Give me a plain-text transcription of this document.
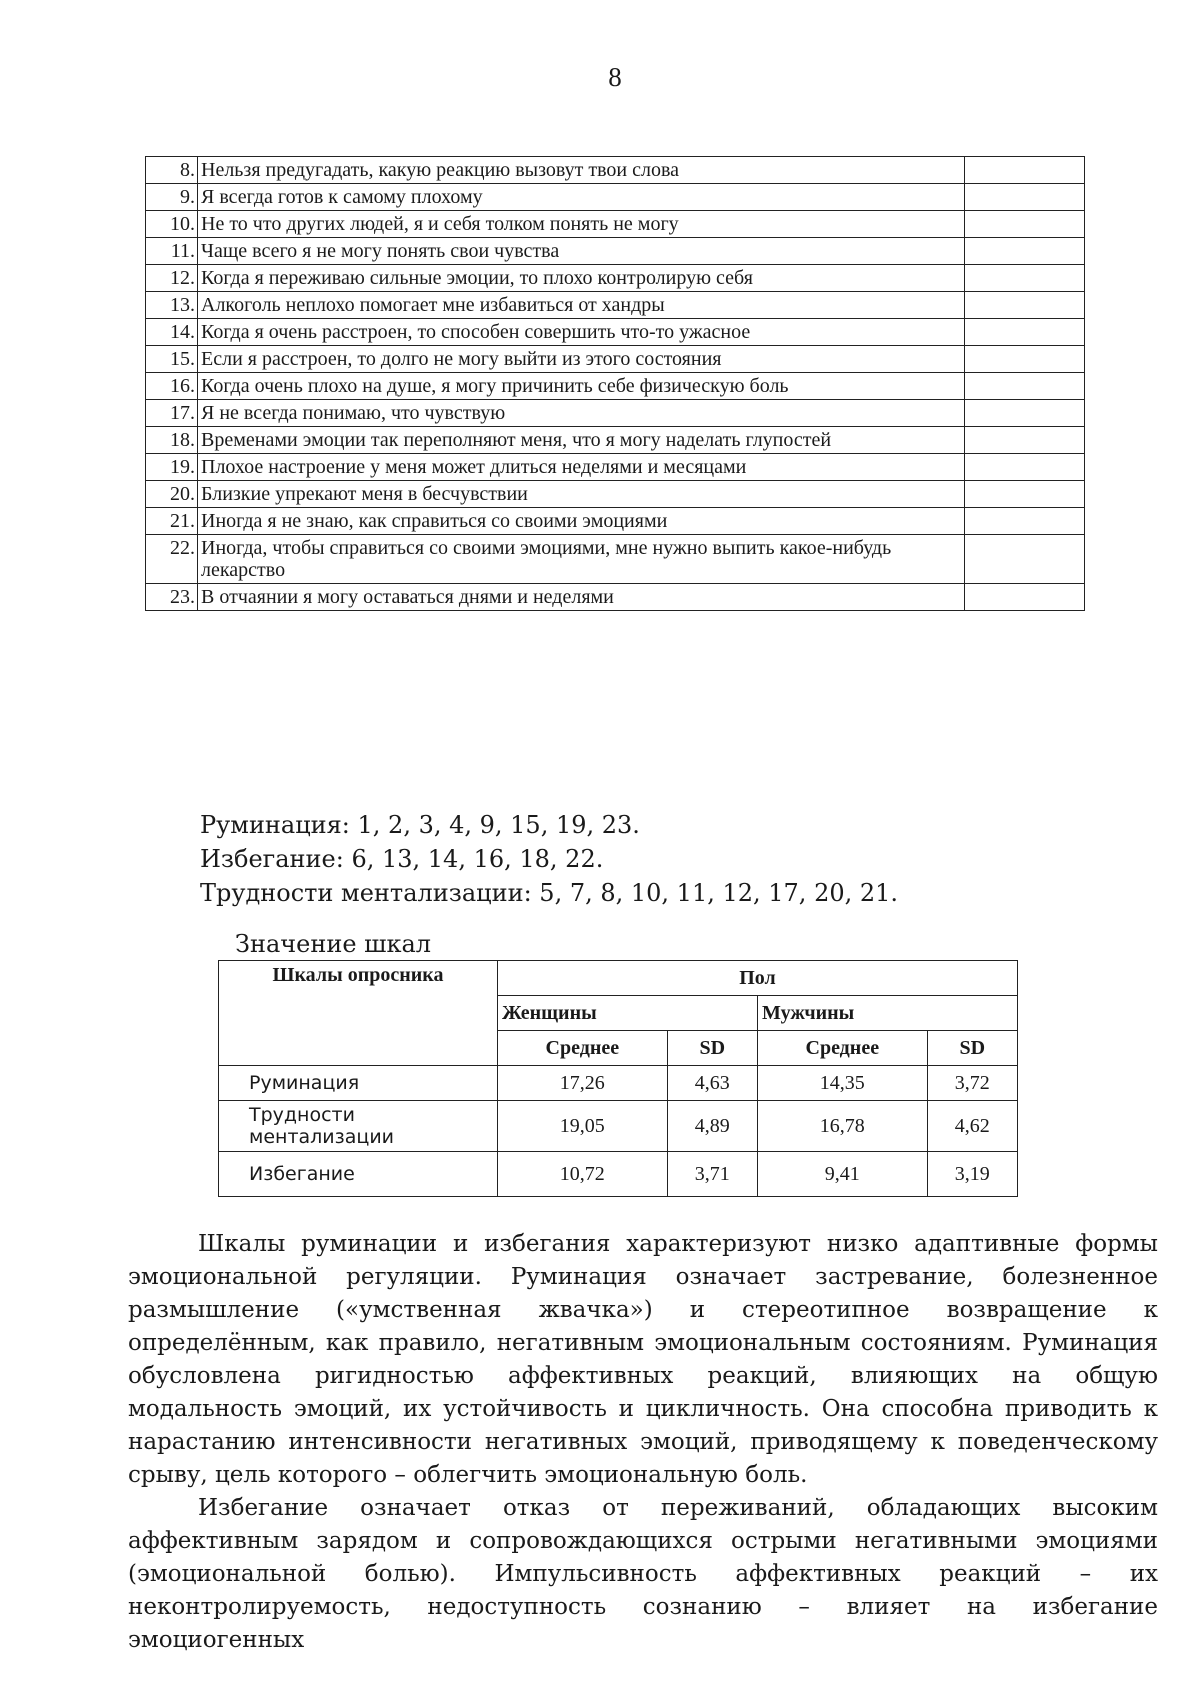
8
8.	Нельзя предугадать, какую реакцию вызовут твои слова	
9.	Я всегда готов к самому плохому	
10.	Не то что других людей, я и себя толком понять не могу	
11.	Чаще всего я не могу понять свои чувства	
12.	Когда я переживаю сильные эмоции, то плохо контролирую себя	
13.	Алкоголь неплохо помогает мне избавиться от хандры	
14.	Когда я очень расстроен, то способен совершить что-то ужасное	
15.	Если я расстроен, то долго не могу выйти из этого состояния	
16.	Когда очень плохо на душе, я могу причинить себе физическую боль	
17.	Я не всегда понимаю, что чувствую	
18.	Временами эмоции так переполняют меня, что я могу наделать глупостей	
19.	Плохое настроение у меня может длиться неделями и месяцами	
20.	Близкие упрекают меня в бесчувствии	
21.	Иногда я не знаю, как справиться со своими эмоциями	
22.	Иногда, чтобы справиться со своими эмоциями, мне нужно выпить какое-нибудь лекарство	
23.	В отчаянии я могу оставаться днями и неделями	
Руминация: 1, 2, 3, 4, 9, 15, 19, 23.
Избегание: 6, 13, 14, 16, 18, 22.
Трудности ментализации: 5, 7, 8, 10, 11, 12, 17, 20, 21.
Значение шкал
Шкалы опросника	Пол			
	Женщины		Мужчины	
	Среднее	SD	Среднее	SD
Руминация	17,26	4,63	14,35	3,72
Трудности ментализации	19,05	4,89	16,78	4,62
Избегание	10,72	3,71	9,41	3,19

Шкалы руминации и избегания характеризуют низко адаптивные формы эмоциональной регуляции. Руминация означает застревание, болезненное размышление («умственная жвачка») и стереотипное возвращение к определённым, как правило, негативным эмоциональным состояниям. Руминация обусловлена ригидностью аффективных реакций, влияющих на общую модальность эмоций, их устойчивость и цикличность. Она способна приводить к нарастанию интенсивности негативных эмоций, приводящему к поведенческому срыву, цель которого – облегчить эмоциональную боль.

Избегание означает отказ от переживаний, обладающих высоким аффективным зарядом и сопровождающихся острыми негативными эмоциями (эмоциональной болью). Импульсивность аффективных реакций – их неконтролируемость, недоступность сознанию – влияет на избегание эмоциогенных
